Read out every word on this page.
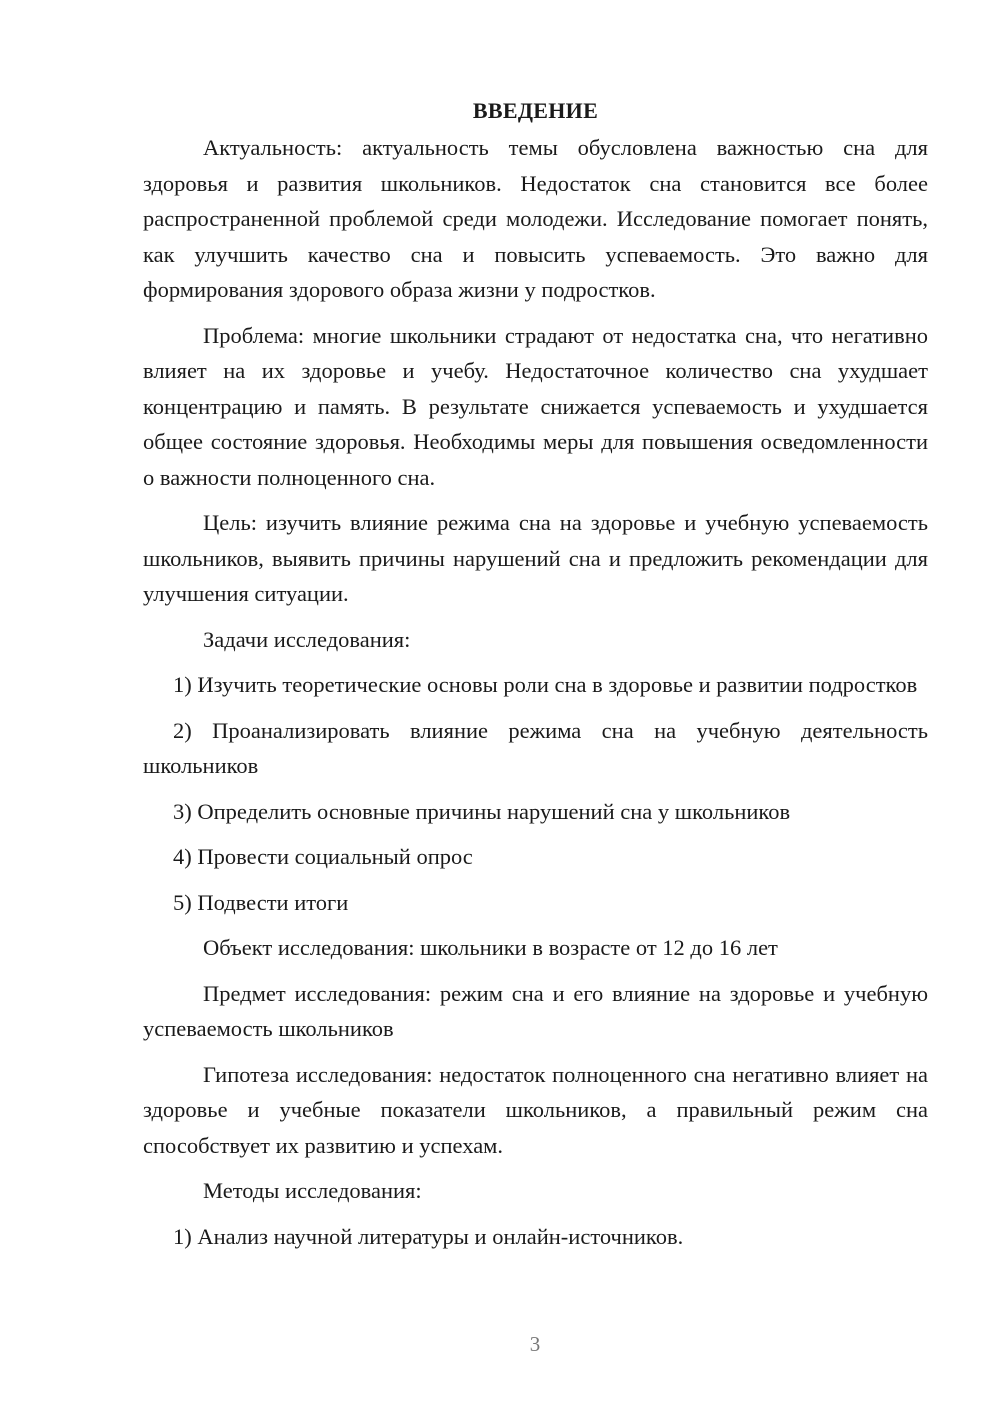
ВВЕДЕНИЕ

Актуальность: актуальность темы обусловлена важностью сна для здоровья и развития школьников. Недостаток сна становится все более распространенной проблемой среди молодежи. Исследование помогает понять, как улучшить качество сна и повысить успеваемость. Это важно для формирования здорового образа жизни у подростков.

Проблема: многие школьники страдают от недостатка сна, что негативно влияет на их здоровье и учебу. Недостаточное количество сна ухудшает концентрацию и память. В результате снижается успеваемость и ухудшается общее состояние здоровья. Необходимы меры для повышения осведомленности о важности полноценного сна.

Цель: изучить влияние режима сна на здоровье и учебную успеваемость школьников, выявить причины нарушений сна и предложить рекомендации для улучшения ситуации.

Задачи исследования:

1) Изучить теоретические основы роли сна в здоровье и развитии подростков

2) Проанализировать влияние режима сна на учебную деятельность школьников

3) Определить основные причины нарушений сна у школьников

4) Провести социальный опрос

5) Подвести итоги

Объект исследования: школьники в возрасте от 12 до 16 лет

Предмет исследования: режим сна и его влияние на здоровье и учебную успеваемость школьников

Гипотеза исследования: недостаток полноценного сна негативно влияет на здоровье и учебные показатели школьников, а правильный режим сна способствует их развитию и успехам.

Методы исследования:

1) Анализ научной литературы и онлайн-источников.

3
